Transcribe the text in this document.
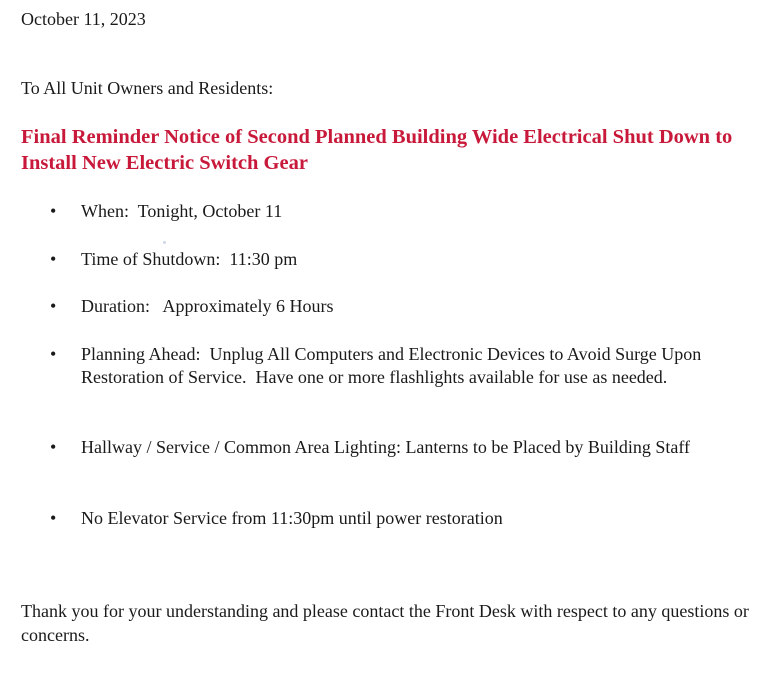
October 11, 2023
To All Unit Owners and Residents:
Final Reminder Notice of Second Planned Building Wide Electrical Shut Down to Install New Electric Switch Gear
•	When:  Tonight, October 11
•	Time of Shutdown:  11:30 pm
•	Duration:   Approximately 6 Hours
•	Planning Ahead:  Unplug All Computers and Electronic Devices to Avoid Surge Upon Restoration of Service.  Have one or more flashlights available for use as needed.
•	Hallway / Service / Common Area Lighting: Lanterns to be Placed by Building Staff
•	No Elevator Service from 11:30pm until power restoration
Thank you for your understanding and please contact the Front Desk with respect to any questions or concerns.
